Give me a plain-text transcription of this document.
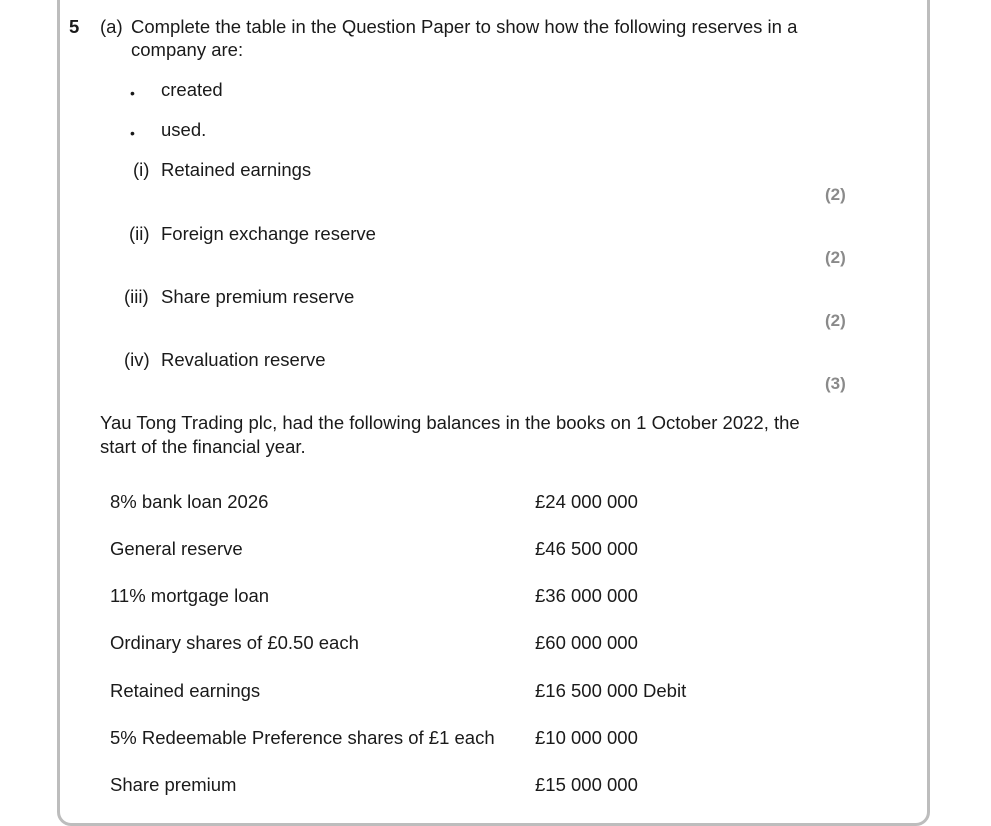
5 (a) Complete the table in the Question Paper to show how the following reserves in a
company are:
• created
• used.
(i) Retained earnings
(2)
(ii) Foreign exchange reserve
(2)
(iii) Share premium reserve
(2)
(iv) Revaluation reserve
(3)
Yau Tong Trading plc, had the following balances in the books on 1 October 2022, the
start of the financial year.
8% bank loan 2026	£24 000 000
General reserve	£46 500 000
11% mortgage loan	£36 000 000
Ordinary shares of £0.50 each	£60 000 000
Retained earnings	£16 500 000 Debit
5% Redeemable Preference shares of £1 each £10 000 000
Share premium	£15 000 000
